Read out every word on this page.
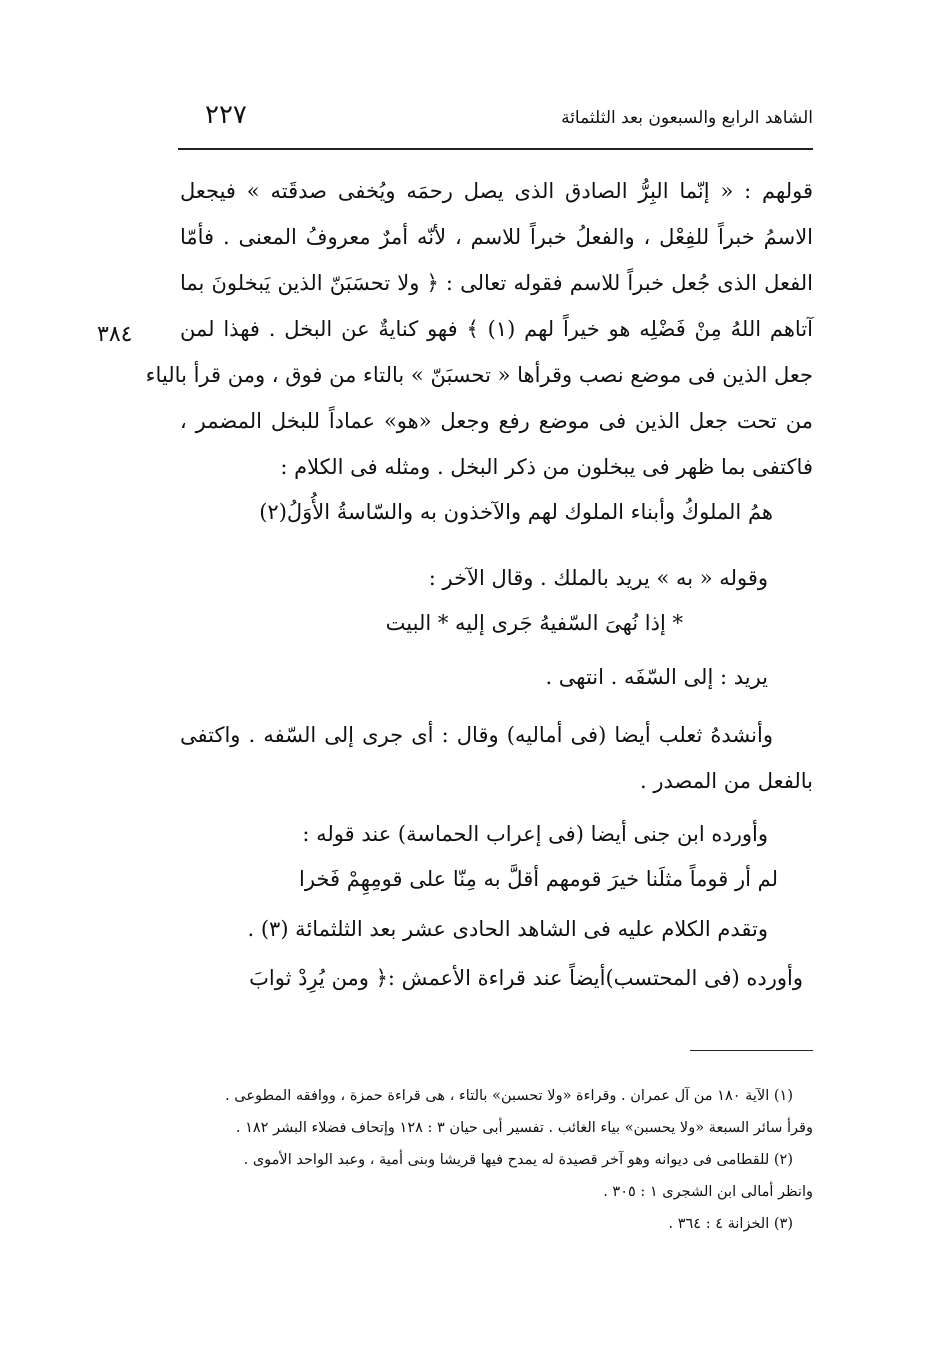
٢٢٧	الشاهد الرابع والسبعون بعد الثلثمائة
٣٨٤
قولهم : « إنّما البِرُّ الصادق الذى يصل رحمَه ويُخفى صدقَته » فيجعل
الاسمُ خبراً للفِعْل ، والفعلُ خبراً للاسم ، لأنّه أمرٌ معروفُ المعنى . فأمّا
الفعل الذى جُعل خبراً للاسم فقوله تعالى : ﴿ ولا تحسَبَنّ الذين يَبخلونَ بما
آتاهم اللهُ مِنْ فَضْلِه هو خيراً لهم (١) ﴾ فهو كنايةٌ عن البخل . فهذا لمن
جعل الذين فى موضع نصب وقرأها « تحسبَنّ » بالتاء من فوق ، ومن قرأ بالياء
من تحت جعل الذين فى موضع رفع وجعل «هو» عماداً للبخل المضمر ،
فاكتفى بما ظهر فى يبخلون من ذكر البخل . ومثله فى الكلام :
همُ الملوكُ وأبناء الملوك لهم والآخذون به والسّاسةُ الأُوَلُ(٢)
وقوله « به » يريد بالملك . وقال الآخر :
* إذا نُهىَ السّفيهُ جَرى إليه * البيت
يريد : إلى السّفَه . انتهى .
وأنشدهُ ثعلب أيضا (فى أماليه) وقال : أى جرى إلى السّفه . واكتفى
بالفعل من المصدر .
وأورده ابن جنى أيضا (فى إعراب الحماسة) عند قوله :
لم أر قوماً مثلَنا خيرَ قومهم أقلَّ به مِنّا على قومِهِمْ فَخرا
وتقدم الكلام عليه فى الشاهد الحادى عشر بعد الثلثمائة (٣) .
وأورده (فى المحتسب)أيضاً عند قراءة الأعمش :﴿ ومن يُرِدْ ثوابَ
(١) الآية ١٨٠ من آل عمران . وقراءة «ولا تحسبن» بالتاء ، هى قراءة حمزة ، ووافقه المطوعى .
وقرأ سائر السبعة «ولا يحسبن» بياء الغائب . تفسير أبى حيان ٣ : ١٢٨ وإتحاف فضلاء البشر ١٨٢ .
(٢) للقطامى فى ديوانه وهو آخر قصيدة له يمدح فيها قريشا وبنى أمية ، وعبد الواحد الأموى .
وانظر أمالى ابن الشجرى ١ : ٣٠٥ .
(٣) الخزانة ٤ : ٣٦٤ .
